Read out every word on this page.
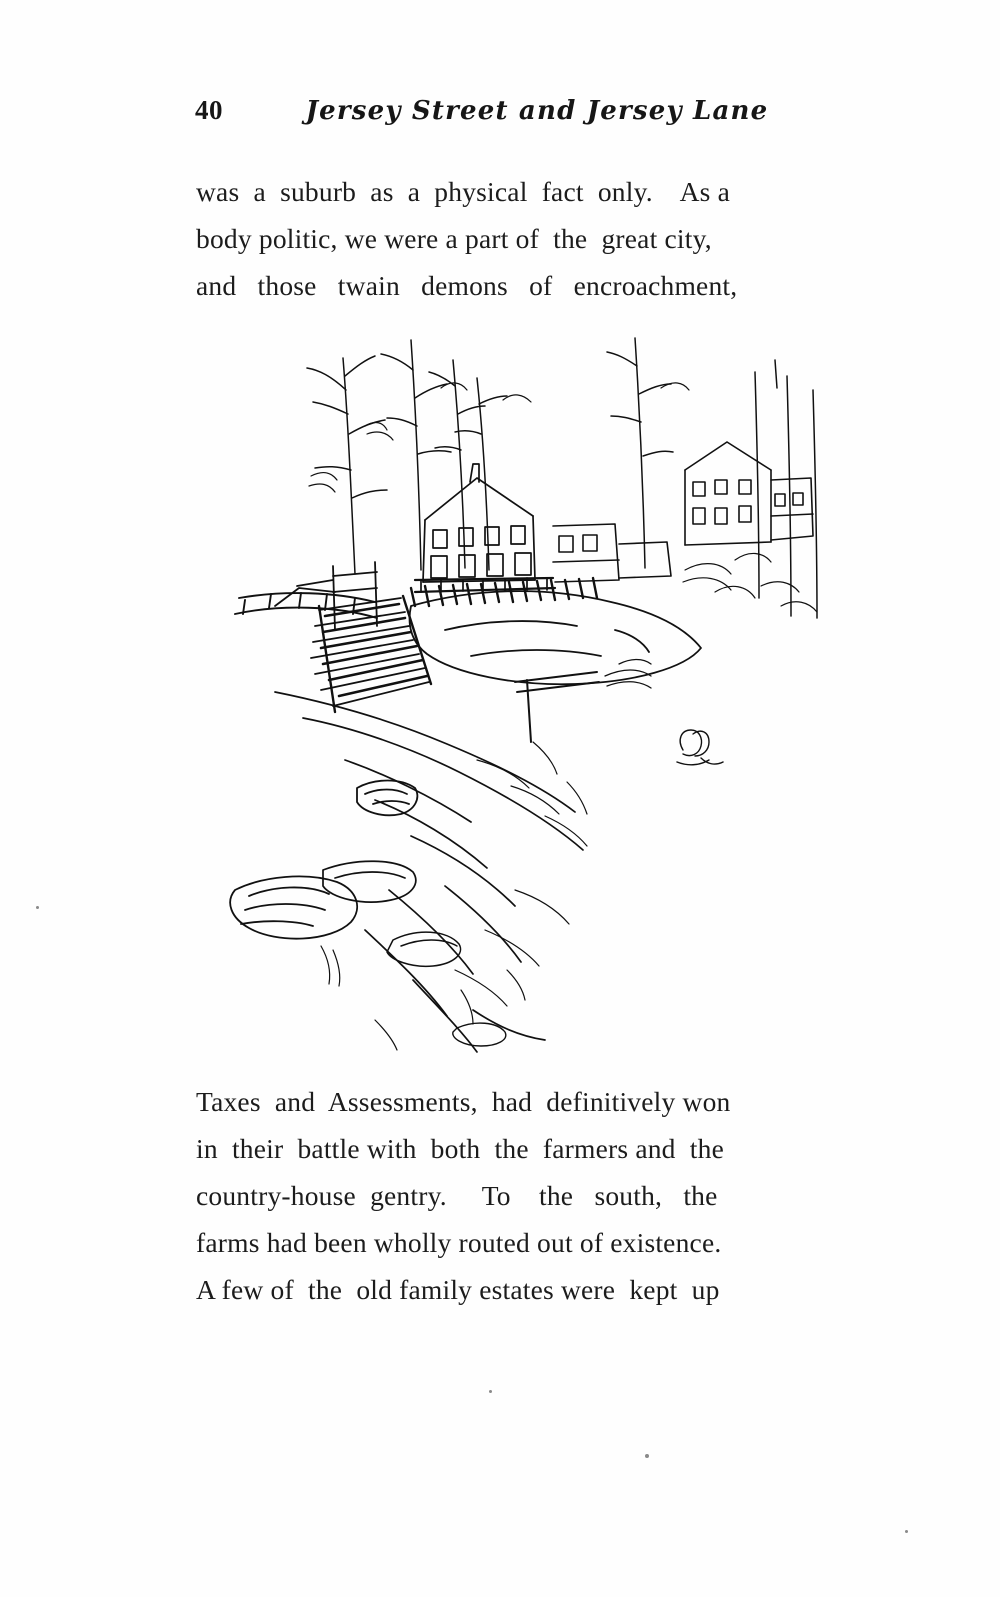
40	Jersey Street and Jersey Lane
was  a  suburb  as  a  physical  fact  only.    As a
body politic, we were a part of  the  great city,
and   those   twain   demons   of   encroachment,
Taxes  and  Assessments,  had  definitively won
in  their  battle with  both  the  farmers and  the
country-house  gentry.     To    the   south,   the
farms had been wholly routed out of existence.
A few of  the  old family estates were  kept  up
